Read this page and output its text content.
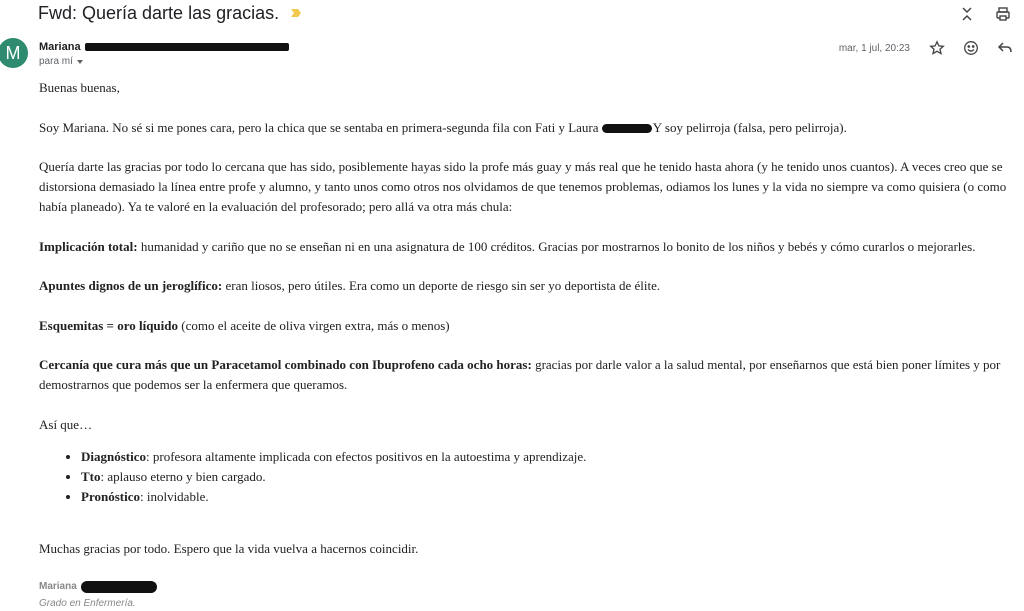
Fwd: Quería darte las gracias.
M	Mariana
para mí
mar, 1 jul, 20:23

Buenas buenas,

Soy Mariana. No sé si me pones cara, pero la chica que se sentaba en primera-segunda fila con Fati y Laura	Y soy pelirroja (falsa, pero pelirroja).

Quería darte las gracias por todo lo cercana que has sido, posiblemente hayas sido la profe más guay y más real que he tenido hasta ahora (y he tenido unos cuantos). A veces creo que se distorsiona demasiado la línea entre profe y alumno, y tanto unos como otros nos olvidamos de que tenemos problemas, odiamos los lunes y la vida no siempre va como quisiera (o como había planeado). Ya te valoré en la evaluación del profesorado; pero allá va otra más chula:

Implicación total: humanidad y cariño que no se enseñan ni en una asignatura de 100 créditos. Gracias por mostrarnos lo bonito de los niños y bebés y cómo curarlos o mejorarles.

Apuntes dignos de un jeroglífico: eran liosos, pero útiles. Era como un deporte de riesgo sin ser yo deportista de élite.

Esquemitas = oro líquido (como el aceite de oliva virgen extra, más o menos)

Cercanía que cura más que un Paracetamol combinado con Ibuprofeno cada ocho horas: gracias por darle valor a la salud mental, por enseñarnos que está bien poner límites y por demostrarnos que podemos ser la enfermera que queramos.

Así que…

• Diagnóstico: profesora altamente implicada con efectos positivos en la autoestima y aprendizaje.
• Tto: aplauso eterno y bien cargado.
• Pronóstico: inolvidable.

Muchas gracias por todo. Espero que la vida vuelva a hacernos coincidir.

Mariana
Grado en Enfermería.
